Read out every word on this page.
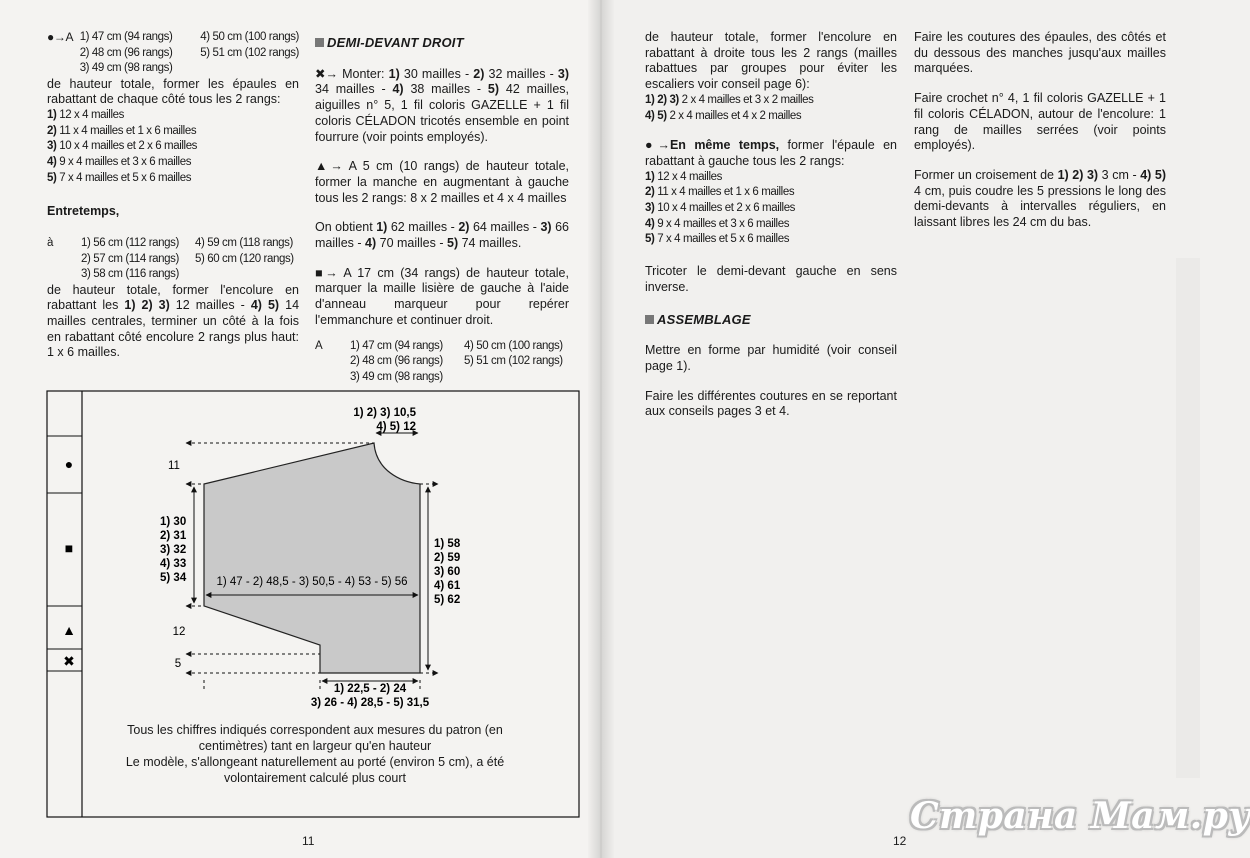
●→A	1) 47 cm (94 rangs)	4) 50 cm (100 rangs)
	2) 48 cm (96 rangs)	5) 51 cm (102 rangs)
	3) 49 cm (98 rangs)	

de hauteur totale, former les épaules en rabattant de chaque côté tous les 2 rangs:

1) 12 x 4 mailles
2) 11 x 4 mailles et 1 x 6 mailles
3) 10 x 4 mailles et 2 x 6 mailles
4) 9 x 4 mailles et 3 x 6 mailles
5) 7 x 4 mailles et 5 x 6 mailles

Entretemps,

à	1) 56 cm (112 rangs)	4) 59 cm (118 rangs)
	2) 57 cm (114 rangs)	5) 60 cm (120 rangs)
	3) 58 cm (116 rangs)	

de hauteur totale, former l'encolure en rabattant les 1) 2) 3) 12 mailles - 4) 5) 14 mailles centrales, terminer un côté à la fois en rabattant côté encolure 2 rangs plus haut: 1 x 6 mailles.

DEMI-DEVANT DROIT

✖→ Monter: 1) 30 mailles - 2) 32 mailles - 3) 34 mailles - 4) 38 mailles - 5) 42 mailles, aiguilles n° 5, 1 fil coloris GAZELLE + 1 fil coloris CÉLADON tricotés ensemble en point fourrure (voir points employés).

▲→ A 5 cm (10 rangs) de hauteur totale, former la manche en augmentant à gauche tous les 2 rangs: 8 x 2 mailles et 4 x 4 mailles

On obtient 1) 62 mailles - 2) 64 mailles - 3) 66 mailles - 4) 70 mailles - 5) 74 mailles.

■→ A 17 cm (34 rangs) de hauteur totale, marquer la maille lisière de gauche à l'aide d'anneau marqueur pour repérer l'emmanchure et continuer droit.

A	1) 47 cm (94 rangs)	4) 50 cm (100 rangs)
	2) 48 cm (96 rangs)	5) 51 cm (102 rangs)
	3) 49 cm (98 rangs)	
●
■
▲
✖
1) 2) 3) 10,5
4) 5) 12
11
12
5
1) 30
2) 31
3) 32
4) 33
5) 34	1) 47 - 2) 48,5 - 3) 50,5 - 4) 53 - 5) 56
1) 58
2) 59
3) 60
4) 61
5) 62
1) 22,5 - 2) 24
3) 26 - 4) 28,5 - 5) 31,5
Tous les chiffres indiqués correspondent aux mesures du patron (en
centimètres) tant en largeur qu'en hauteur
Le modèle, s'allongeant naturellement au porté (environ 5 cm), a été
volontairement calculé plus court
11

de hauteur totale, former l'encolure en rabattant à droite tous les 2 rangs (mailles rabattues par groupes pour éviter les escaliers voir conseil page 6):

1) 2) 3) 2 x 4 mailles et 3 x 2 mailles
4) 5) 2 x 4 mailles et 4 x 2 mailles

●→En même temps, former l'épaule en rabattant à gauche tous les 2 rangs:

1) 12 x 4 mailles
2) 11 x 4 mailles et 1 x 6 mailles
3) 10 x 4 mailles et 2 x 6 mailles
4) 9 x 4 mailles et 3 x 6 mailles
5) 7 x 4 mailles et 5 x 6 mailles

Tricoter le demi-devant gauche en sens inverse.

ASSEMBLAGE

Mettre en forme par humidité (voir conseil page 1).

Faire les différentes coutures en se reportant aux conseils pages 3 et 4.

Faire les coutures des épaules, des côtés et du dessous des manches jusqu'aux mailles marquées.

Faire crochet n° 4, 1 fil coloris GAZELLE + 1 fil coloris CÉLADON, autour de l'encolure: 1 rang de mailles serrées (voir points employés).

Former un croisement de 1) 2) 3) 3 cm - 4) 5) 4 cm, puis coudre les 5 pressions le long des demi-devants à intervalles réguliers, en laissant libres les 24 cm du bas.

12
Страна Мам.ру
